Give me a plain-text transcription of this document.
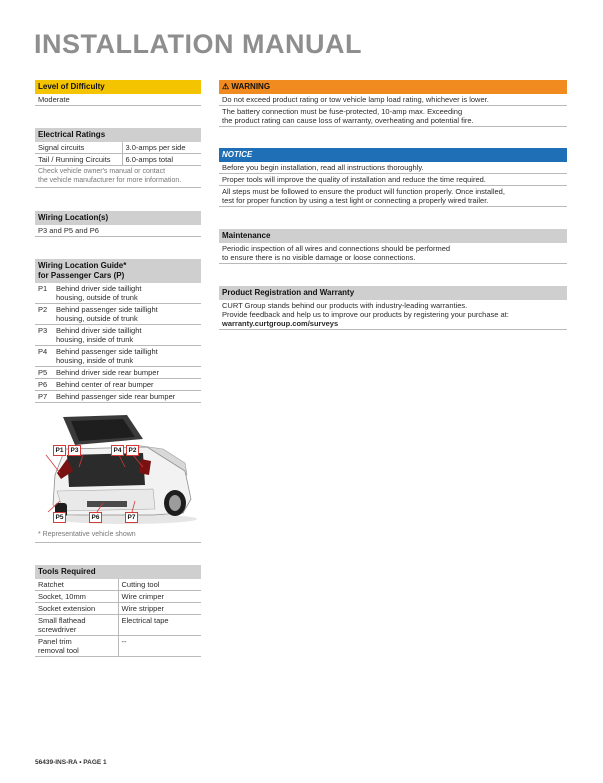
INSTALLATION MANUAL
Level of Difficulty
Moderate
Electrical Ratings
Signal circuits	3.0-amps per side
Tail / Running Circuits	6.0-amps total
Check vehicle owner's manual or contact
the vehicle manufacturer for more information.
Wiring Location(s)
P3 and P5 and P6
Wiring Location Guide*
for Passenger Cars (P)
P1	Behind driver side taillight
housing, outside of trunk

P2	Behind passenger side taillight
housing, outside of trunk

P3	Behind driver side taillight
housing, inside of trunk

P4	Behind passenger side taillight
housing, inside of trunk

P5	Behind driver side rear bumper
P6	Behind center of rear bumper
P7	Behind passenger side rear bumper
P1	P3	P4	P2
P5	P6	P7
* Representative vehicle shown
Tools Required
Ratchet	Cutting tool
Socket, 10mm	Wire crimper
Socket extension	Wire stripper

Small flathead
screwdriver	Electrical tape

Panel trim
removal tool	--
⚠ WARNING
Do not exceed product rating or tow vehicle lamp load rating, whichever is lower.
The battery connection must be fuse-protected, 10-amp max. Exceeding
the product rating can cause loss of warranty, overheating and potential fire.
NOTICE
Before you begin installation, read all instructions thoroughly.
Proper tools will improve the quality of installation and reduce the time required.
All steps must be followed to ensure the product will function properly. Once installed,
test for proper function by using a test light or connecting a properly wired trailer.
Maintenance
Periodic inspection of all wires and connections should be performed
to ensure there is no visible damage or loose connections.
Product Registration and Warranty
CURT Group stands behind our products with industry-leading warranties.
Provide feedback and help us to improve our products by registering your purchase at:
warranty.curtgroup.com/surveys
56439-INS-RA • PAGE 1
